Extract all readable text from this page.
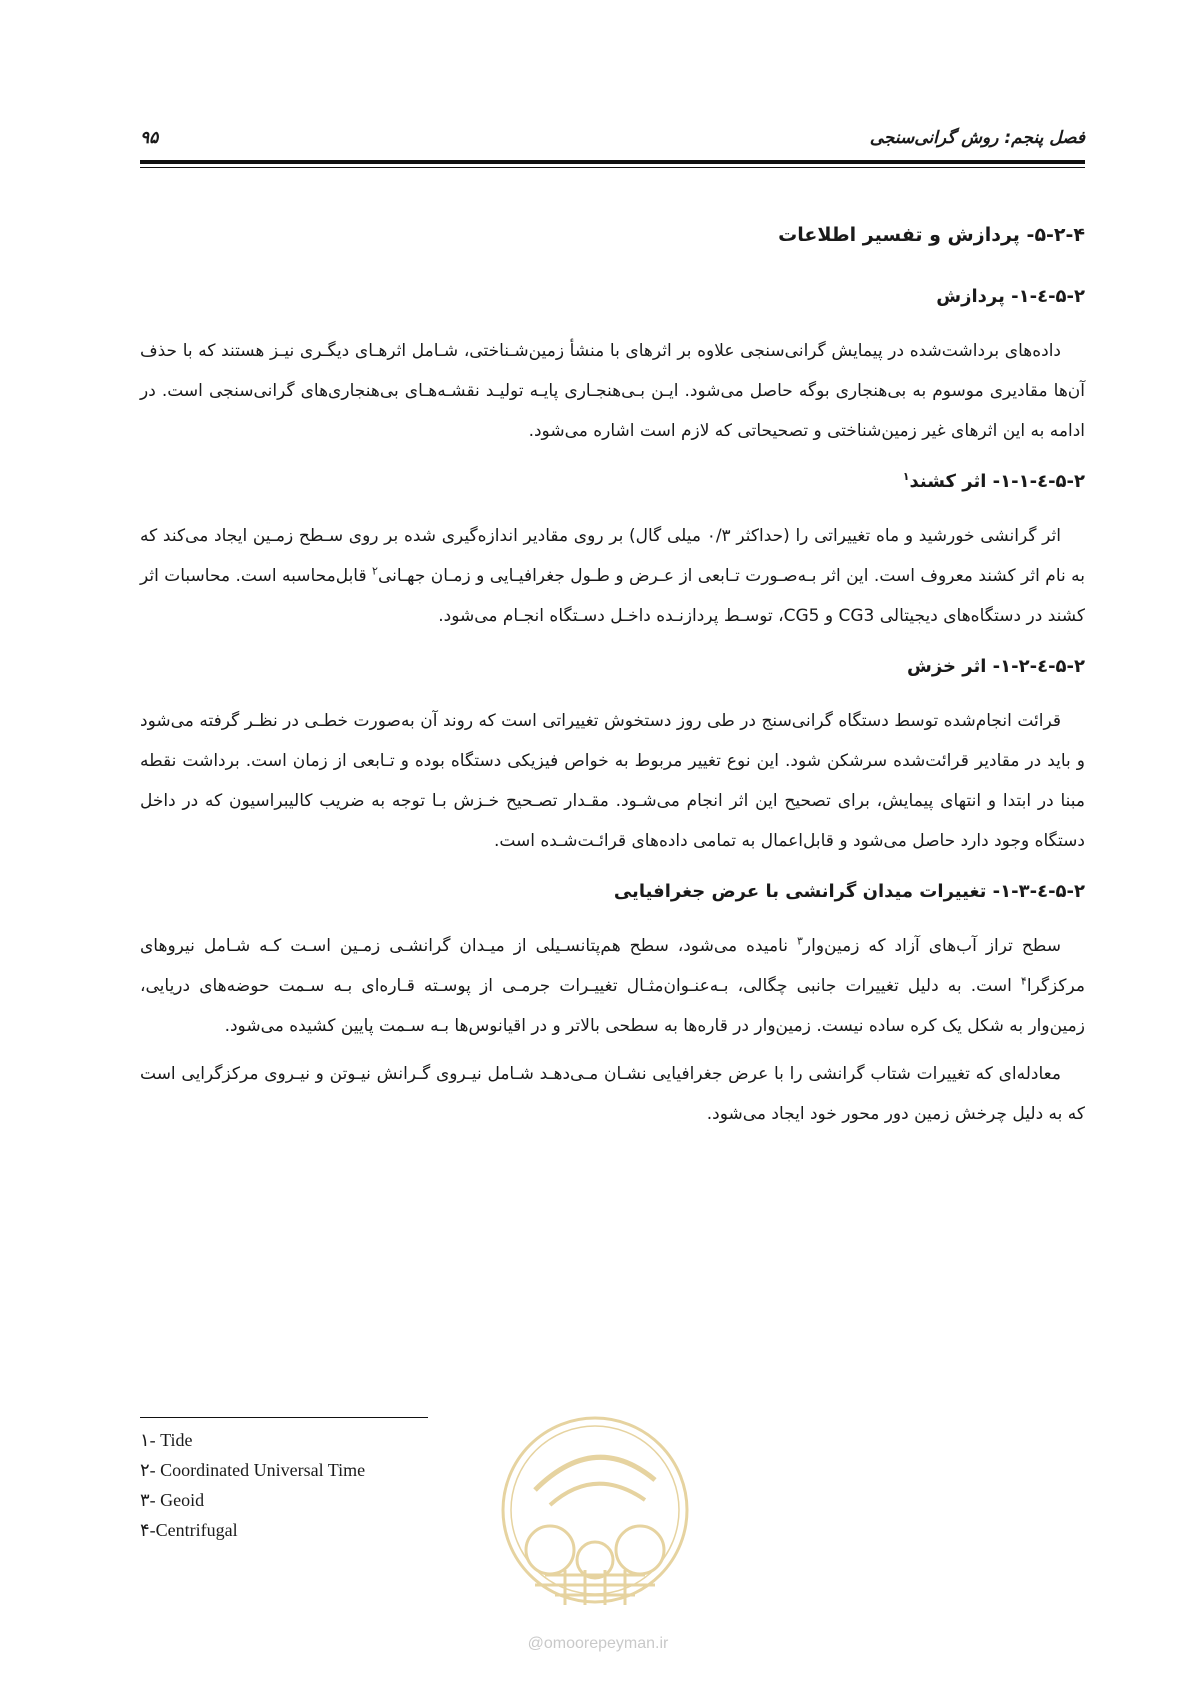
فصل پنجم: روش گرانی‌سنجی
۹۵
۵-۲-۴- پردازش و تفسیر اطلاعات
۵-۲-٤-۱- پردازش

داده‌های برداشت‌شده در پیمایش گرانی‌سنجی علاوه بر اثرهای با منشأ زمین‌شـناختی، شـامل اثرهـای دیگـری نیـز هستند که با حذف آن‌ها مقادیری موسوم به بی‌هنجاری بوگه حاصل می‌شود. ایـن بـی‌هنجـاری پایـه تولیـد نقشـه‌هـای بی‌هنجاری‌های گرانی‌سنجی است. در ادامه به این اثرهای غیر زمین‌شناختی و تصحیحاتی که لازم است اشاره می‌شود.

۵-۲-٤-۱-۱- اثر کشند$^۱$

اثر گرانشی خورشید و ماه تغییراتی را (حداکثر ۰/۳ میلی گال) بر روی مقادیر اندازه‌گیری شده بر روی سـطح زمـین ایجاد می‌کند که به نام اثر کشند معروف است. این اثر بـه‌صـورت تـابعی از عـرض و طـول جغرافیـایی و زمـان جهـانی$^۲$ قابل‌محاسبه است. محاسبات اثر کشند در دستگاه‌های دیجیتالی CG3 و CG5، توسـط پردازنـده داخـل دسـتگاه انجـام می‌شود.

۵-۲-٤-۱-۲- اثر خزش

قرائت انجام‌شده توسط دستگاه گرانی‌سنج در طی روز دستخوش تغییراتی است که روند آن به‌صورت خطـی در نظـر گرفته می‌شود و باید در مقادیر قرائت‌شده سرشکن شود. این نوع تغییر مربوط به خواص فیزیکی دستگاه بوده و تـابعی از زمان است. برداشت نقطه مبنا در ابتدا و انتهای پیمایش، برای تصحیح این اثر انجام می‌شـود. مقـدار تصـحیح خـزش بـا توجه به ضریب کالیبراسیون که در داخل دستگاه وجود دارد حاصل می‌شود و قابل‌اعمال به تمامی داده‌های قرائـت‌شـده است.

۵-۲-٤-۱-۳- تغییرات میدان گرانشی با عرض جغرافیایی

سطح تراز آب‌های آزاد که زمین‌وار$^۳$ نامیده می‌شود، سطح هم‌پتانسـیلی از میـدان گرانشـی زمـین اسـت کـه شـامل نیروهای مرکزگرا$^۴$ است. به دلیل تغییرات جانبی چگالی، بـه‌عنـوان‌مثـال تغییـرات جرمـی از پوسـته قـاره‌ای بـه سـمت حوضه‌های دریایی، زمین‌وار به شکل یک کره ساده نیست. زمین‌وار در قاره‌ها به سطحی بالاتر و در اقیانوس‌ها بـه سـمت پایین کشیده می‌شود.

معادله‌ای که تغییرات شتاب گرانشی را با عرض جغرافیایی نشـان مـی‌دهـد شـامل نیـروی گـرانش نیـوتن و نیـروی مرکزگرایی است که به دلیل چرخش زمین دور محور خود ایجاد می‌شود.

۱- Tide
۲- Coordinated Universal Time
۳- Geoid
۴-Centrifugal
@omoorepeyman.ir
